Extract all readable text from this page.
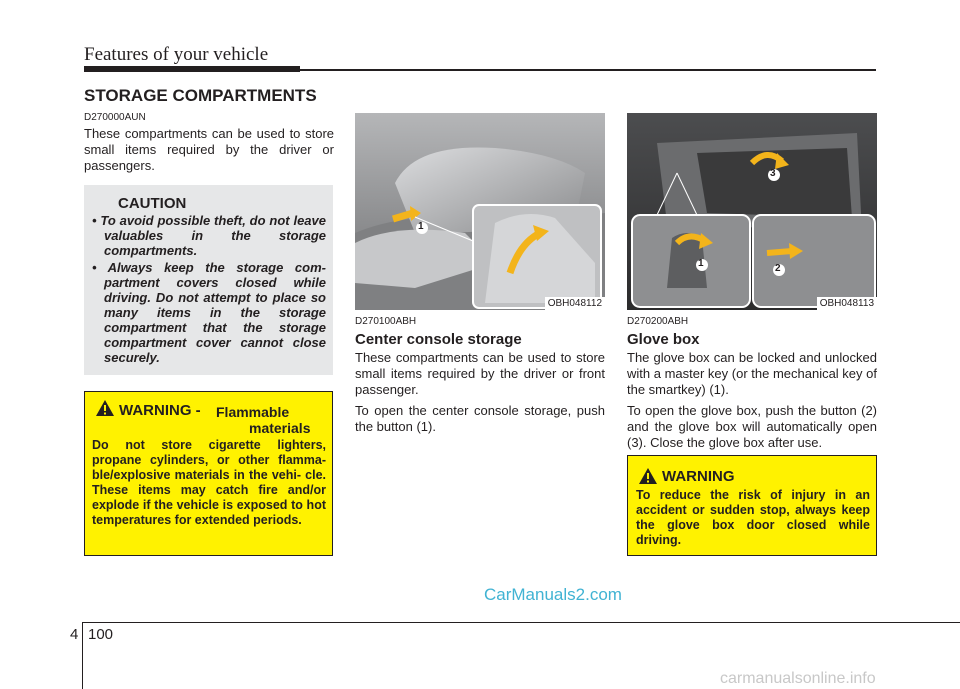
Features of your vehicle
STORAGE COMPARTMENTS
D270000AUN
These compartments can be used to store small items required by the driver or passengers.
CAUTION
• To avoid possible theft, do not leave valuables in the storage compartments.
• Always keep the storage com- partment covers closed while driving. Do not attempt to place so many items in the storage compartment that the storage compartment cover cannot close securely.
WARNING - Flammable
materials
Do not store cigarette lighters, propane cylinders, or other flamma- ble/explosive materials in the vehi- cle. These items may catch fire and/or explode if the vehicle is exposed to hot temperatures for extended periods.
1
OBH048112
D270100ABH
Center console storage
These compartments can be used to store small items required by the driver or front passenger.
To open the center console storage, push the button (1).
3
1	2
OBH048113
D270200ABH
Glove box
The glove box can be locked and unlocked with a master key (or the mechanical key of the smartkey) (1).
To open the glove box, push the button (2) and the glove box will automatically open (3). Close the glove box after use.
WARNING
To reduce the risk of injury in an accident or sudden stop, always keep the glove box door closed while driving.
4 100
CarManuals2.com
carmanualsonline.info
